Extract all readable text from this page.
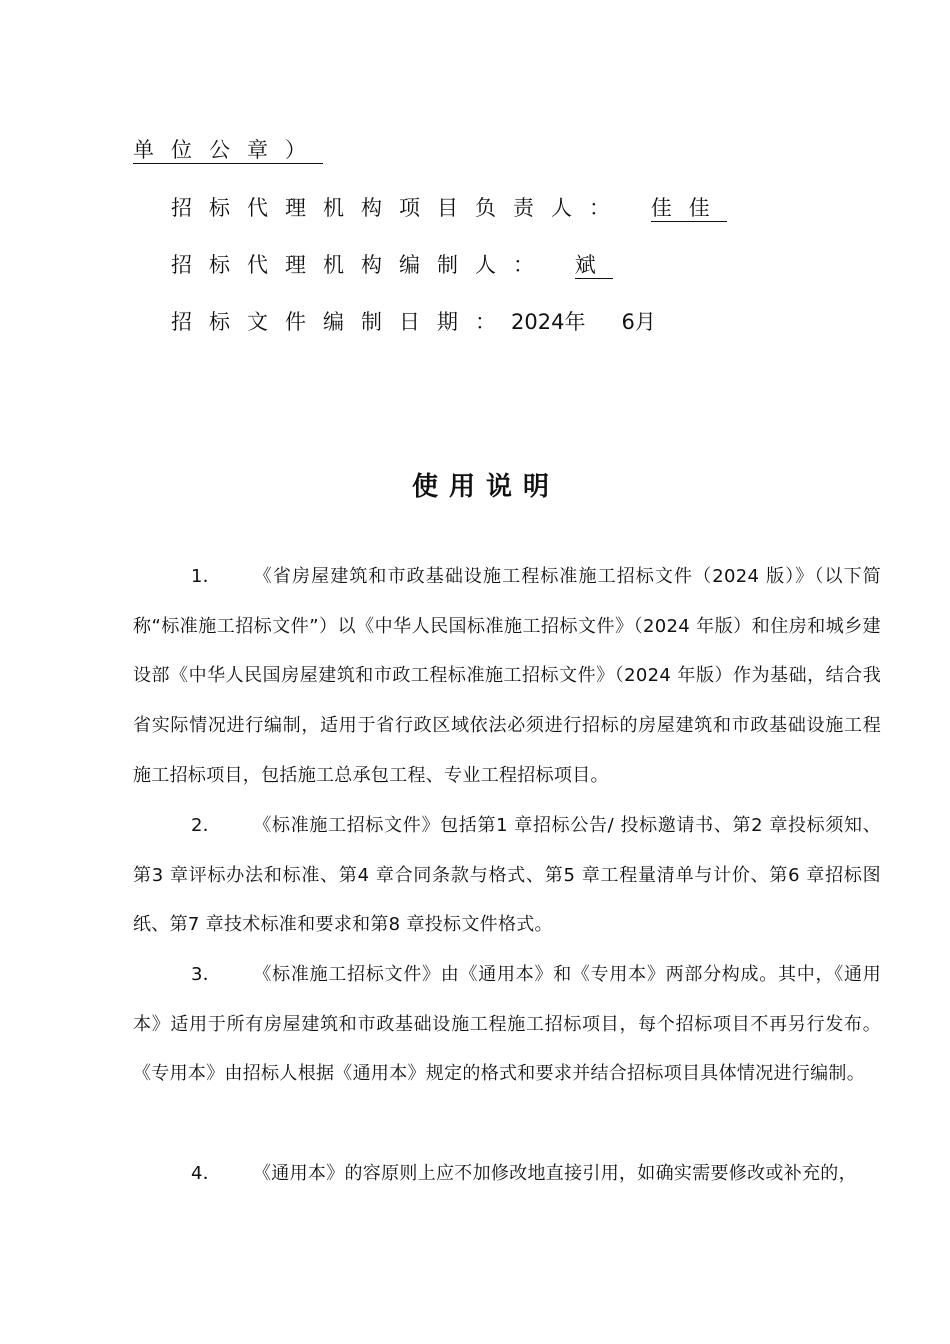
单位公章）
招标代理机构项目负责人： 佳佳
招标代理机构编制人： 斌
招标文件编制日期：2024年 6月
使用说明
1． 《省房屋建筑和市政基础设施工程标准施工招标文件（2024 版）》（以下简称“标准施工招标文件”）以《中华人民国标准施工招标文件》（2024 年版）和住房和城乡建设部《中华人民国房屋建筑和市政工程标准施工招标文件》（2024 年版）作为基础，结合我省实际情况进行编制，适用于省行政区域依法必须进行招标的房屋建筑和市政基础设施工程施工招标项目，包括施工总承包工程、专业工程招标项目。
2． 《标准施工招标文件》包括第1 章招标公告/ 投标邀请书、第2 章投标须知、第3 章评标办法和标准、第4 章合同条款与格式、第5 章工程量清单与计价、第6 章招标图纸、第7 章技术标准和要求和第8 章投标文件格式。
3． 《标准施工招标文件》由《通用本》和《专用本》两部分构成。其中，《通用本》适用于所有房屋建筑和市政基础设施工程施工招标项目，每个招标项目不再另行发布。《专用本》由招标人根据《通用本》规定的格式和要求并结合招标项目具体情况进行编制。
4． 《通用本》的容原则上应不加修改地直接引用，如确实需要修改或补充的，
